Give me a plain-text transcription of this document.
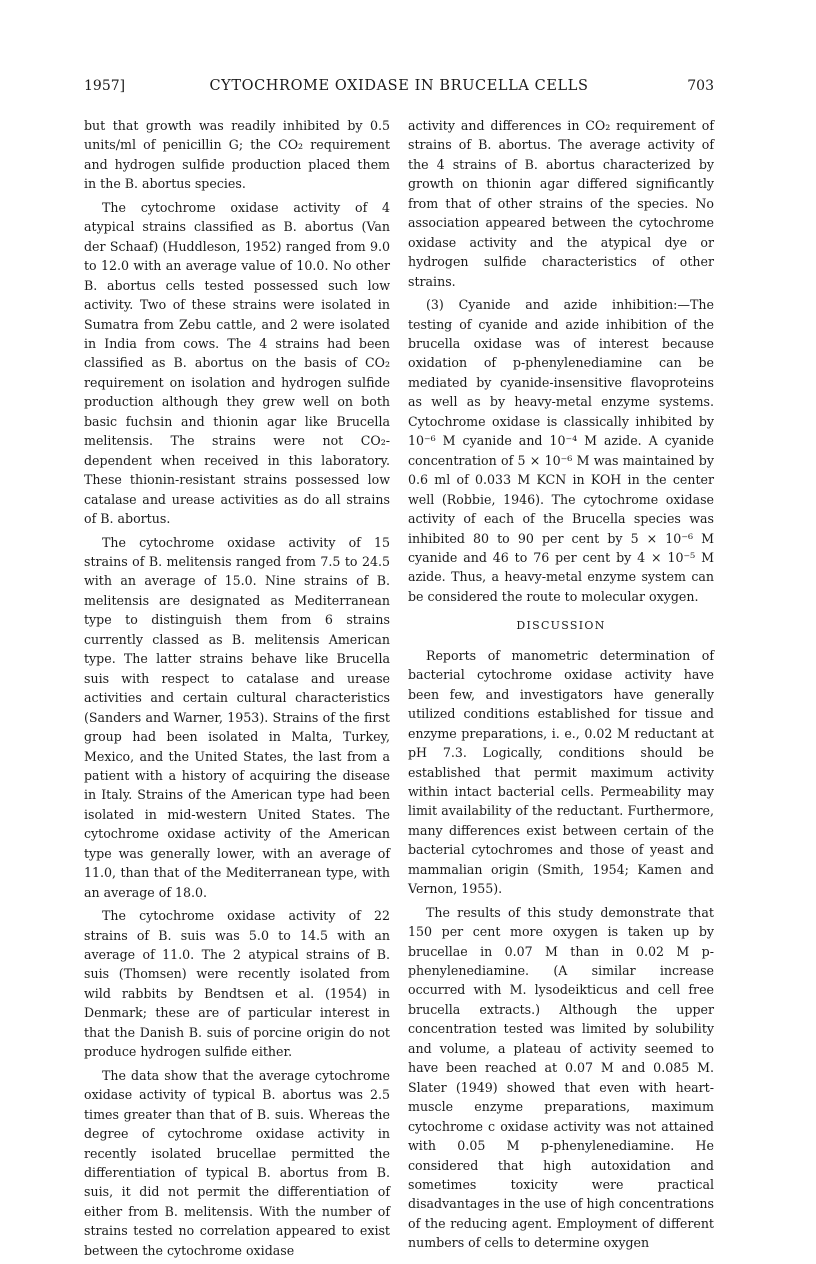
1957]	CYTOCHROME OXIDASE IN BRUCELLA CELLS	703

but that growth was readily inhibited by 0.5 units/ml of penicillin G; the CO₂ requirement and hydrogen sulfide production placed them in the B. abortus species.

The cytochrome oxidase activity of 4 atypical strains classified as B. abortus (Van der Schaaf) (Huddleson, 1952) ranged from 9.0 to 12.0 with an average value of 10.0. No other B. abortus cells tested possessed such low activity. Two of these strains were isolated in Sumatra from Zebu cattle, and 2 were isolated in India from cows. The 4 strains had been classified as B. abortus on the basis of CO₂ requirement on isolation and hydrogen sulfide production although they grew well on both basic fuchsin and thionin agar like Brucella melitensis. The strains were not CO₂-dependent when received in this laboratory. These thionin-resistant strains possessed low catalase and urease activities as do all strains of B. abortus.

The cytochrome oxidase activity of 15 strains of B. melitensis ranged from 7.5 to 24.5 with an average of 15.0. Nine strains of B. melitensis are designated as Mediterranean type to distinguish them from 6 strains currently classed as B. melitensis American type. The latter strains behave like Brucella suis with respect to catalase and urease activities and certain cultural characteristics (Sanders and Warner, 1953). Strains of the first group had been isolated in Malta, Turkey, Mexico, and the United States, the last from a patient with a history of acquiring the disease in Italy. Strains of the American type had been isolated in mid-western United States. The cytochrome oxidase activity of the American type was generally lower, with an average of 11.0, than that of the Mediterranean type, with an average of 18.0.

The cytochrome oxidase activity of 22 strains of B. suis was 5.0 to 14.5 with an average of 11.0. The 2 atypical strains of B. suis (Thomsen) were recently isolated from wild rabbits by Bendtsen et al. (1954) in Denmark; these are of particular interest in that the Danish B. suis of porcine origin do not produce hydrogen sulfide either.

The data show that the average cytochrome oxidase activity of typical B. abortus was 2.5 times greater than that of B. suis. Whereas the degree of cytochrome oxidase activity in recently isolated brucellae permitted the differentiation of typical B. abortus from B. suis, it did not permit the differentiation of either from B. melitensis. With the number of strains tested no correlation appeared to exist between the cytochrome oxidase

activity and differences in CO₂ requirement of strains of B. abortus. The average activity of the 4 strains of B. abortus characterized by growth on thionin agar differed significantly from that of other strains of the species. No association appeared between the cytochrome oxidase activity and the atypical dye or hydrogen sulfide characteristics of other strains.

(3) Cyanide and azide inhibition:—The testing of cyanide and azide inhibition of the brucella oxidase was of interest because oxidation of p-phenylenediamine can be mediated by cyanide-insensitive flavoproteins as well as by heavy-metal enzyme systems. Cytochrome oxidase is classically inhibited by 10⁻⁶ M cyanide and 10⁻⁴ M azide. A cyanide concentration of 5 × 10⁻⁶ M was maintained by 0.6 ml of 0.033 M KCN in KOH in the center well (Robbie, 1946). The cytochrome oxidase activity of each of the Brucella species was inhibited 80 to 90 per cent by 5 × 10⁻⁶ M cyanide and 46 to 76 per cent by 4 × 10⁻⁵ M azide. Thus, a heavy-metal enzyme system can be considered the route to molecular oxygen.

DISCUSSION

Reports of manometric determination of bacterial cytochrome oxidase activity have been few, and investigators have generally utilized conditions established for tissue and enzyme preparations, i. e., 0.02 M reductant at pH 7.3. Logically, conditions should be established that permit maximum activity within intact bacterial cells. Permeability may limit availability of the reductant. Furthermore, many differences exist between certain of the bacterial cytochromes and those of yeast and mammalian origin (Smith, 1954; Kamen and Vernon, 1955).

The results of this study demonstrate that 150 per cent more oxygen is taken up by brucellae in 0.07 M than in 0.02 M p-phenylenediamine. (A similar increase occurred with M. lysodeikticus and cell free brucella extracts.) Although the upper concentration tested was limited by solubility and volume, a plateau of activity seemed to have been reached at 0.07 M and 0.085 M. Slater (1949) showed that even with heart-muscle enzyme preparations, maximum cytochrome c oxidase activity was not attained with 0.05 M p-phenylenediamine. He considered that high autoxidation and sometimes toxicity were practical disadvantages in the use of high concentrations of the reducing agent. Employment of different numbers of cells to determine oxygen
